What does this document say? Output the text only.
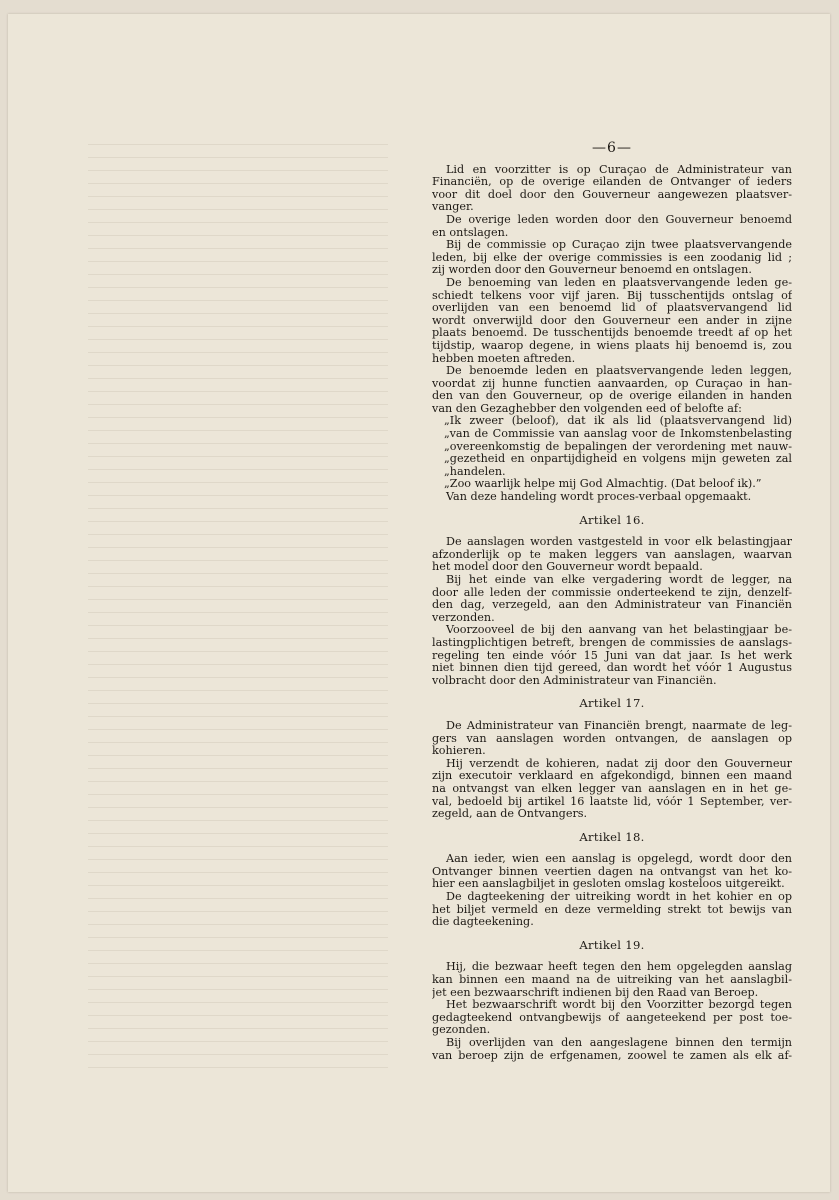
—6—
Lid en voorzitter is op Curaçao de Administrateur van
Financiën, op de overige eilanden de Ontvanger of ieders
voor dit doel door den Gouverneur aangewezen plaatsver-
vanger.
De overige leden worden door den Gouverneur benoemd
en ontslagen.
Bij de commissie op Curaçao zijn twee plaatsvervangende
leden, bij elke der overige commissies is een zoodanig lid ;
zij worden door den Gouverneur benoemd en ontslagen.
De benoeming van leden en plaatsvervangende leden ge-
schiedt telkens voor vijf jaren. Bij tusschentijds ontslag of
overlijden van een benoemd lid of plaatsvervangend lid
wordt onverwijld door den Gouverneur een ander in zijne
plaats benoemd. De tusschentijds benoemde treedt af op het
tijdstip, waarop degene, in wiens plaats hij benoemd is, zou
hebben moeten aftreden.
De benoemde leden en plaatsvervangende leden leggen,
voordat zij hunne functien aanvaarden, op Curaçao in han-
den van den Gouverneur, op de overige eilanden in handen
van den Gezaghebber den volgenden eed of belofte af:
„Ik zweer (beloof), dat ik als lid (plaatsvervangend lid)
„van de Commissie van aanslag voor de Inkomstenbelasting
„overeenkomstig de bepalingen der verordening met nauw-
„gezetheid en onpartijdigheid en volgens mijn geweten zal
„handelen.
„Zoo waarlijk helpe mij God Almachtig. (Dat beloof ik).”
Van deze handeling wordt proces-verbaal opgemaakt.
Artikel 16.
De aanslagen worden vastgesteld in voor elk belastingjaar
afzonderlijk op te maken leggers van aanslagen, waarvan
het model door den Gouverneur wordt bepaald.
Bij het einde van elke vergadering wordt de legger, na
door alle leden der commissie onderteekend te zijn, denzelf-
den dag, verzegeld, aan den Administrateur van Financiën
verzonden.
Voorzooveel de bij den aanvang van het belastingjaar be-
lastingplichtigen betreft, brengen de commissies de aanslags-
regeling ten einde vóór 15 Juni van dat jaar. Is het werk
niet binnen dien tijd gereed, dan wordt het vóór 1 Augustus
volbracht door den Administrateur van Financiën.
Artikel 17.
De Administrateur van Financiën brengt, naarmate de leg-
gers van aanslagen worden ontvangen, de aanslagen op
kohieren.
Hij verzendt de kohieren, nadat zij door den Gouverneur
zijn executoir verklaard en afgekondigd, binnen een maand
na ontvangst van elken legger van aanslagen en in het ge-
val, bedoeld bij artikel 16 laatste lid, vóór 1 September, ver-
zegeld, aan de Ontvangers.
Artikel 18.
Aan ieder, wien een aanslag is opgelegd, wordt door den
Ontvanger binnen veertien dagen na ontvangst van het ko-
hier een aanslagbiljet in gesloten omslag kosteloos uitgereikt.
De dagteekening der uitreiking wordt in het kohier en op
het biljet vermeld en deze vermelding strekt tot bewijs van
die dagteekening.
Artikel 19.
Hij, die bezwaar heeft tegen den hem opgelegden aanslag
kan binnen een maand na de uitreiking van het aanslagbil-
jet een bezwaarschrift indienen bij den Raad van Beroep.
Het bezwaarschrift wordt bij den Voorzitter bezorgd tegen
gedagteekend ontvangbewijs of aangeteekend per post toe-
gezonden.
Bij overlijden van den aangeslagene binnen den termijn
van beroep zijn de erfgenamen, zoowel te zamen als elk af-
